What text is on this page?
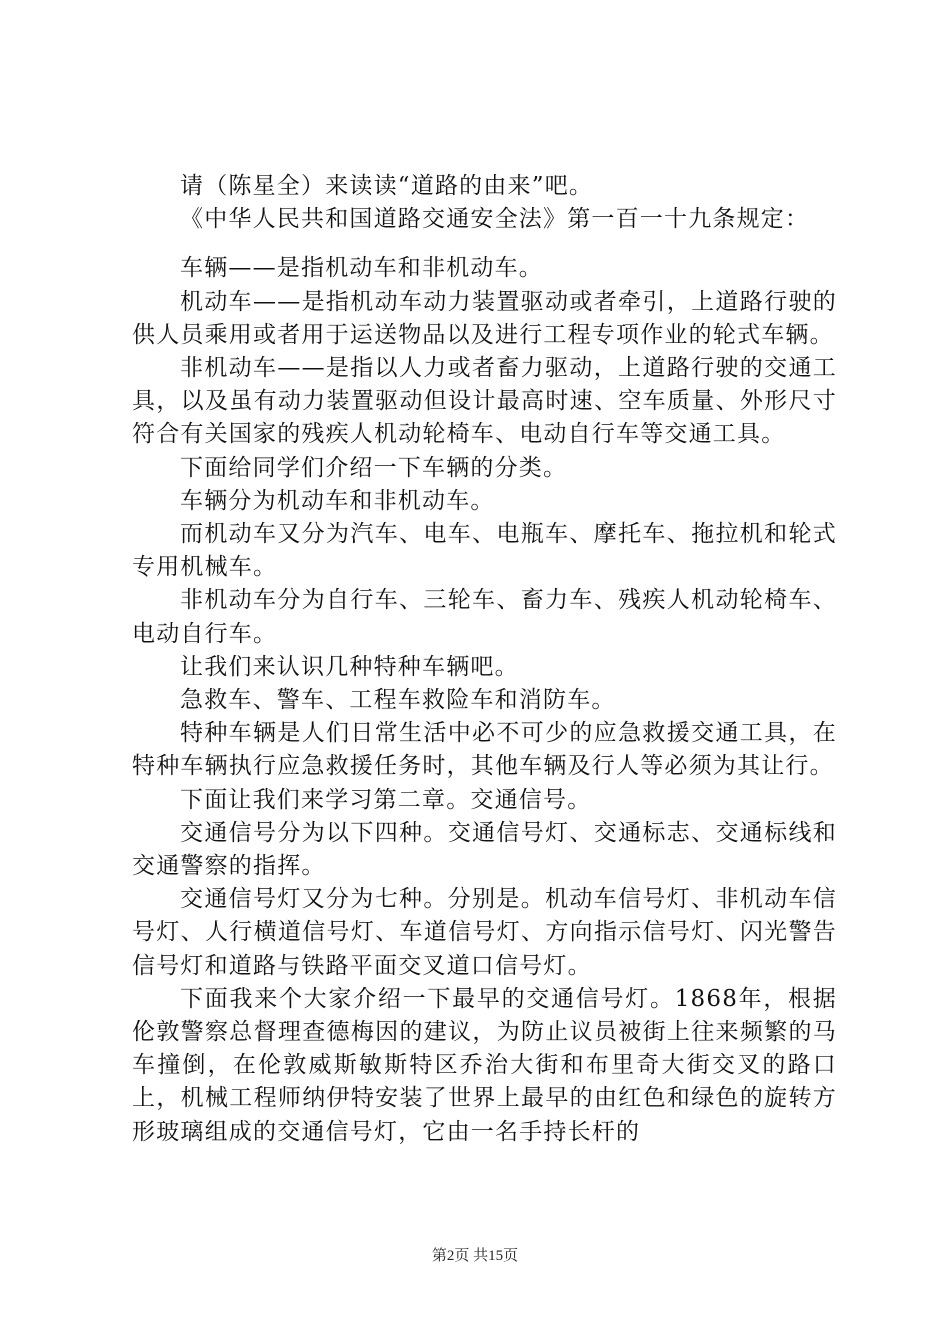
请（陈星全）来读读“道路的由来”吧。

《中华人民共和国道路交通安全法》第一百一十九条规定：

车辆——是指机动车和非机动车。

机动车——是指机动车动力装置驱动或者牵引，上道路行驶的供人员乘用或者用于运送物品以及进行工程专项作业的轮式车辆。

非机动车——是指以人力或者畜力驱动，上道路行驶的交通工具，以及虽有动力装置驱动但设计最高时速、空车质量、外形尺寸符合有关国家的残疾人机动轮椅车、电动自行车等交通工具。

下面给同学们介绍一下车辆的分类。

车辆分为机动车和非机动车。

而机动车又分为汽车、电车、电瓶车、摩托车、拖拉机和轮式专用机械车。

非机动车分为自行车、三轮车、畜力车、残疾人机动轮椅车、电动自行车。

让我们来认识几种特种车辆吧。

急救车、警车、工程车救险车和消防车。

特种车辆是人们日常生活中必不可少的应急救援交通工具，在特种车辆执行应急救援任务时，其他车辆及行人等必须为其让行。

下面让我们来学习第二章。交通信号。

交通信号分为以下四种。交通信号灯、交通标志、交通标线和交通警察的指挥。

交通信号灯又分为七种。分别是。机动车信号灯、非机动车信号灯、人行横道信号灯、车道信号灯、方向指示信号灯、闪光警告信号灯和道路与铁路平面交叉道口信号灯。

下面我来个大家介绍一下最早的交通信号灯。1868年，根据伦敦警察总督理查德梅因的建议，为防止议员被街上往来频繁的马车撞倒，在伦敦威斯敏斯特区乔治大街和布里奇大街交叉的路口上，机械工程师纳伊特安装了世界上最早的由红色和绿色的旋转方形玻璃组成的交通信号灯，它由一名手持长杆的

第2页 共15页
